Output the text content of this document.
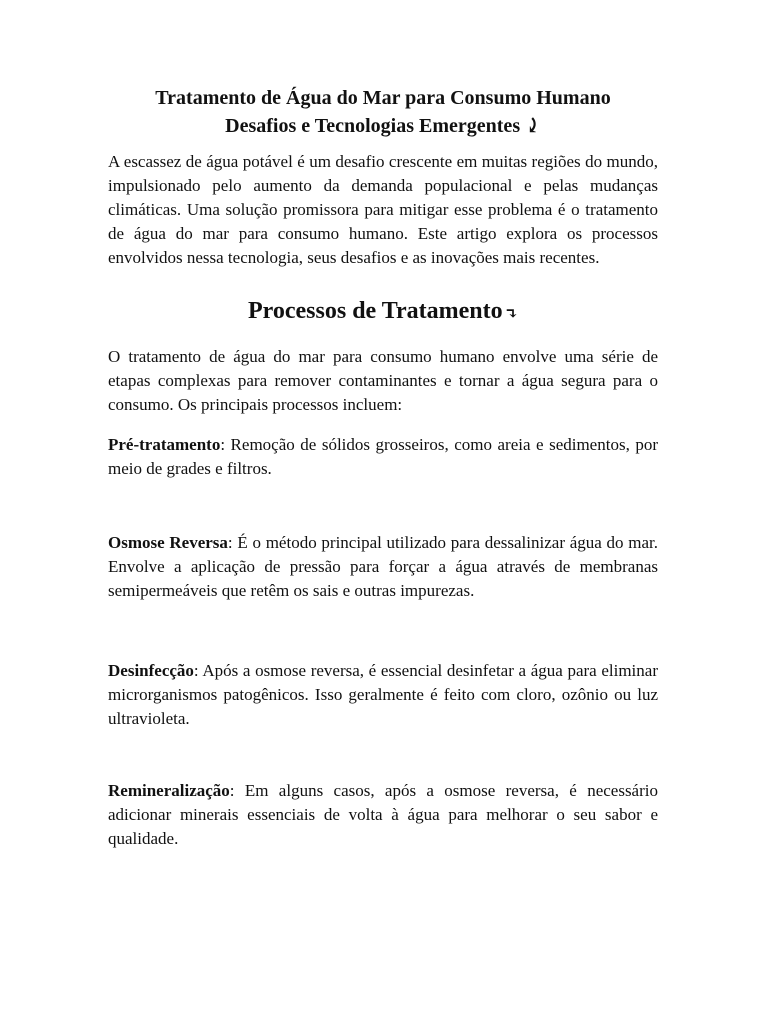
Tratamento de Água do Mar para Consumo Humano
Desafios e Tecnologias Emergentes ⤸

A escassez de água potável é um desafio crescente em muitas regiões do mundo, impulsionado pelo aumento da demanda populacional e pelas mudanças climáticas. Uma solução promissora para mitigar esse problema é o tratamento de água do mar para consumo humano. Este artigo explora os processos envolvidos nessa tecnologia, seus desafios e as inovações mais recentes.

Processos de Tratamento ↴

O tratamento de água do mar para consumo humano envolve uma série de etapas complexas para remover contaminantes e tornar a água segura para o consumo. Os principais processos incluem:

Pré-tratamento: Remoção de sólidos grosseiros, como areia e sedimentos, por meio de grades e filtros.

Osmose Reversa: É o método principal utilizado para dessalinizar água do mar. Envolve a aplicação de pressão para forçar a água através de membranas semipermeáveis que retêm os sais e outras impurezas.

Desinfecção: Após a osmose reversa, é essencial desinfetar a água para eliminar microrganismos patogênicos. Isso geralmente é feito com cloro, ozônio ou luz ultravioleta.

Remineralização: Em alguns casos, após a osmose reversa, é necessário adicionar minerais essenciais de volta à água para melhorar o seu sabor e qualidade.
